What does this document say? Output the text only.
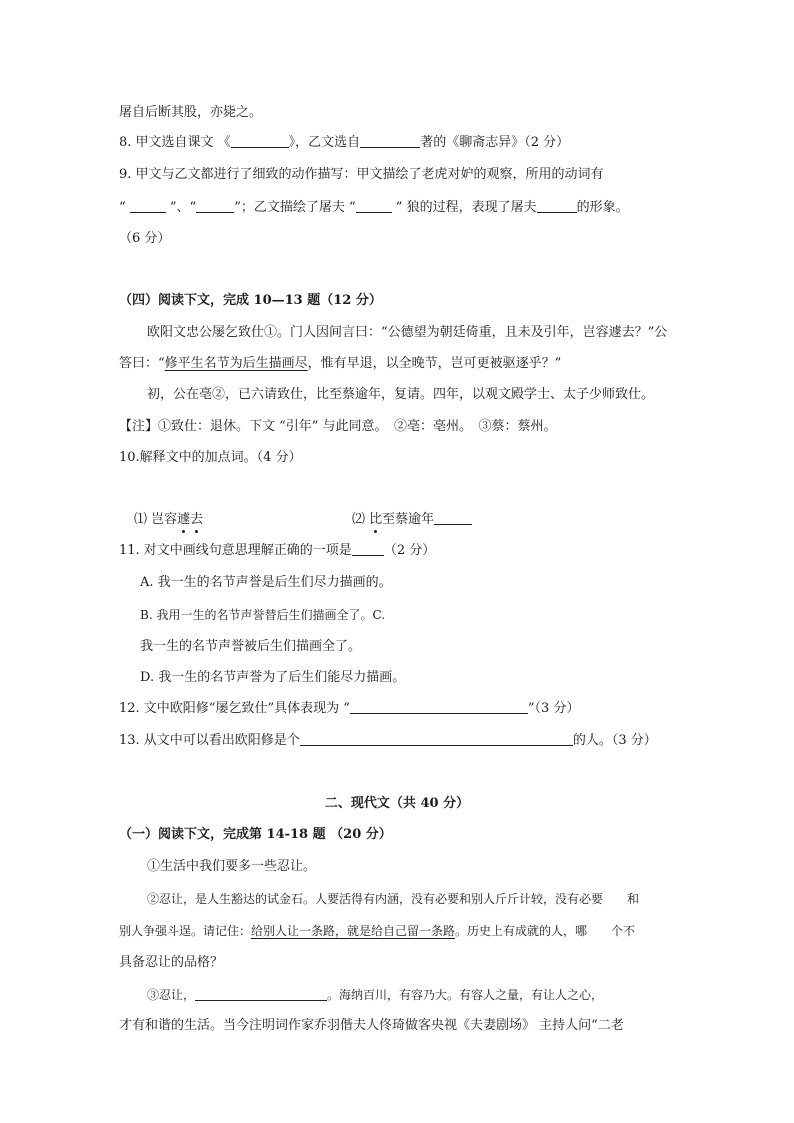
屠自后断其股，亦毙之。
8. 甲文选自课文 《	》，乙文选自	著的《聊斋志异》（2 分）
9. 甲文与乙文都进行了细致的动作描写：甲文描绘了老虎对妒的观察，所用的动词有
“	”、“	”；乙文描绘了屠夫 “	” 狼的过程，表现了屠夫	的形象。
（6 分）
（四）阅读下文，完成 10—13 题（12 分）
欧阳文忠公屡乞致仕①。门人因间言曰：“公德望为朝廷倚重，且未及引年，岂容遽去？”公
答曰：“修平生名节为后生描画尽，惟有早退，以全晚节，岂可更被驱逐乎？”
初，公在亳②，已六请致仕，比至蔡逾年，复请。四年，以观文殿学士、太子少师致仕。
【注】①致仕：退休。下文 “引年” 与此同意。　②亳：亳州。　③蔡：蔡州。
10.解释文中的加点词。（4 分）
⑴ 岂容遽去	⑵ 比至蔡逾年
11. 对文中画线句意思理解正确的一项是 （2 分）
A. 我一生的名节声誉是后生们尽力描画的。
B. 我用一生的名节声誉替后生们描画全了。C.
我一生的名节声誉被后生们描画全了。
D. 我一生的名节声誉为了后生们能尽力描画。
12. 文中欧阳修“屡乞致仕”具体表现为 “	”（3 分）
13. 从文中可以看出欧阳修是个	的人。（3 分）
二、现代文（共 40 分）
（一）阅读下文，完成第 14-18 题 （20 分）
①生活中我们要多一些忍让。
②忍让，是人生豁达的试金石。人要活得有内涵，没有必要和别人斤斤计较，没有必要　　和
别人争强斗逞。请记住：给别人让一条路，就是给自己留一条路。历史上有成就的人，哪　　个不
具备忍让的品格？
③忍让，	。海纳百川，有容乃大。有容人之量，有让人之心，
才有和谐的生活。当今注明词作家乔羽偕夫人佟琦做客央视《夫妻剧场》 主持人问“二老
